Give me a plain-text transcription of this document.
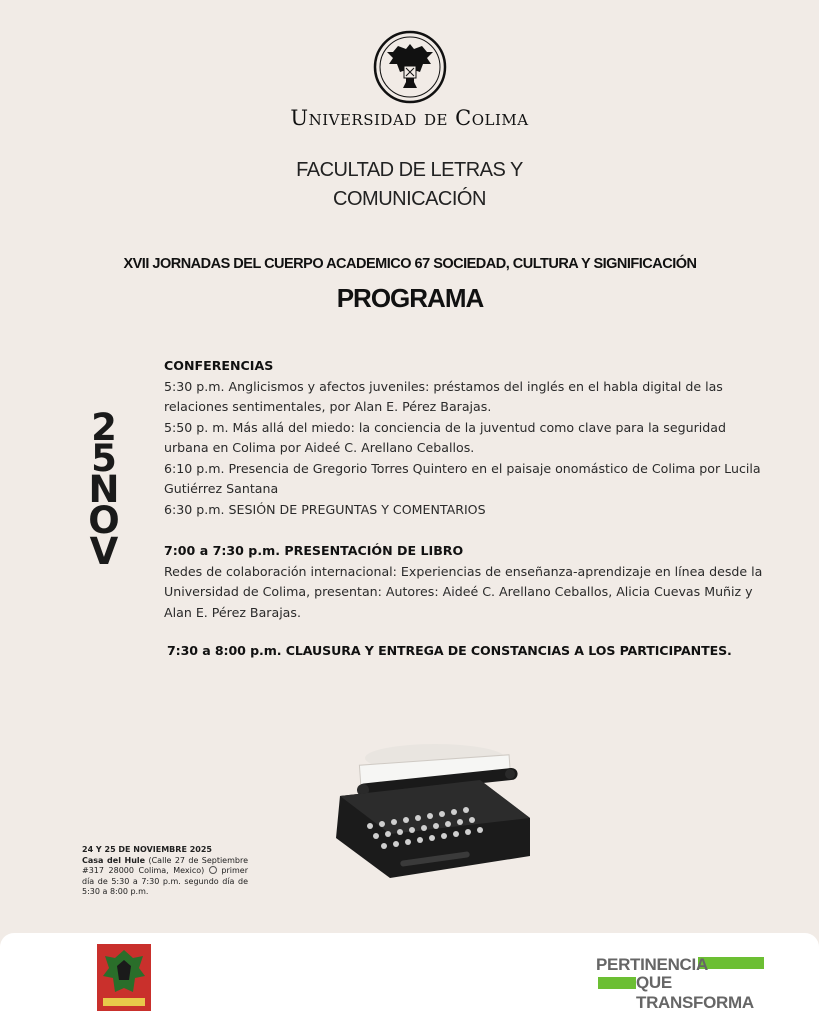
Universidad de Colima
FACULTAD DE LETRAS Y
COMUNICACIÓN
XVII JORNADAS DEL CUERPO ACADEMICO 67 SOCIEDAD, CULTURA Y SIGNIFICACIÓN
PROGRAMA
2
5
N
O
V
CONFERENCIAS
5:30 p.m. Anglicismos y afectos juveniles: préstamos del inglés en el habla digital de las relaciones sentimentales, por Alan E. Pérez Barajas.
5:50 p. m. Más allá del miedo: la conciencia de la juventud como clave para la seguridad urbana en Colima por Aideé C. Arellano Ceballos.
6:10 p.m. Presencia de Gregorio Torres Quintero en el paisaje onomástico de Colima por Lucila Gutiérrez Santana
6:30 p.m. SESIÓN DE PREGUNTAS Y COMENTARIOS
7:00 a 7:30 p.m. PRESENTACIÓN DE LIBRO
Redes de colaboración internacional: Experiencias de enseñanza-aprendizaje en línea desde la Universidad de Colima, presentan: Autores: Aideé C. Arellano Ceballos, Alicia Cuevas Muñiz y Alan E. Pérez Barajas.
7:30 a 8:00 p.m. CLAUSURA Y ENTREGA DE CONSTANCIAS A LOS PARTICIPANTES.
24 Y 25 DE NOVIEMBRE 2025
Casa del Hule (Calle 27 de Septiembre #317 28000 Colima, Mexico)  primer día de 5:30 a 7:30 p.m. segundo día de 5:30 a 8:00 p.m.
PERTINENCIA
QUE TRANSFORMA
